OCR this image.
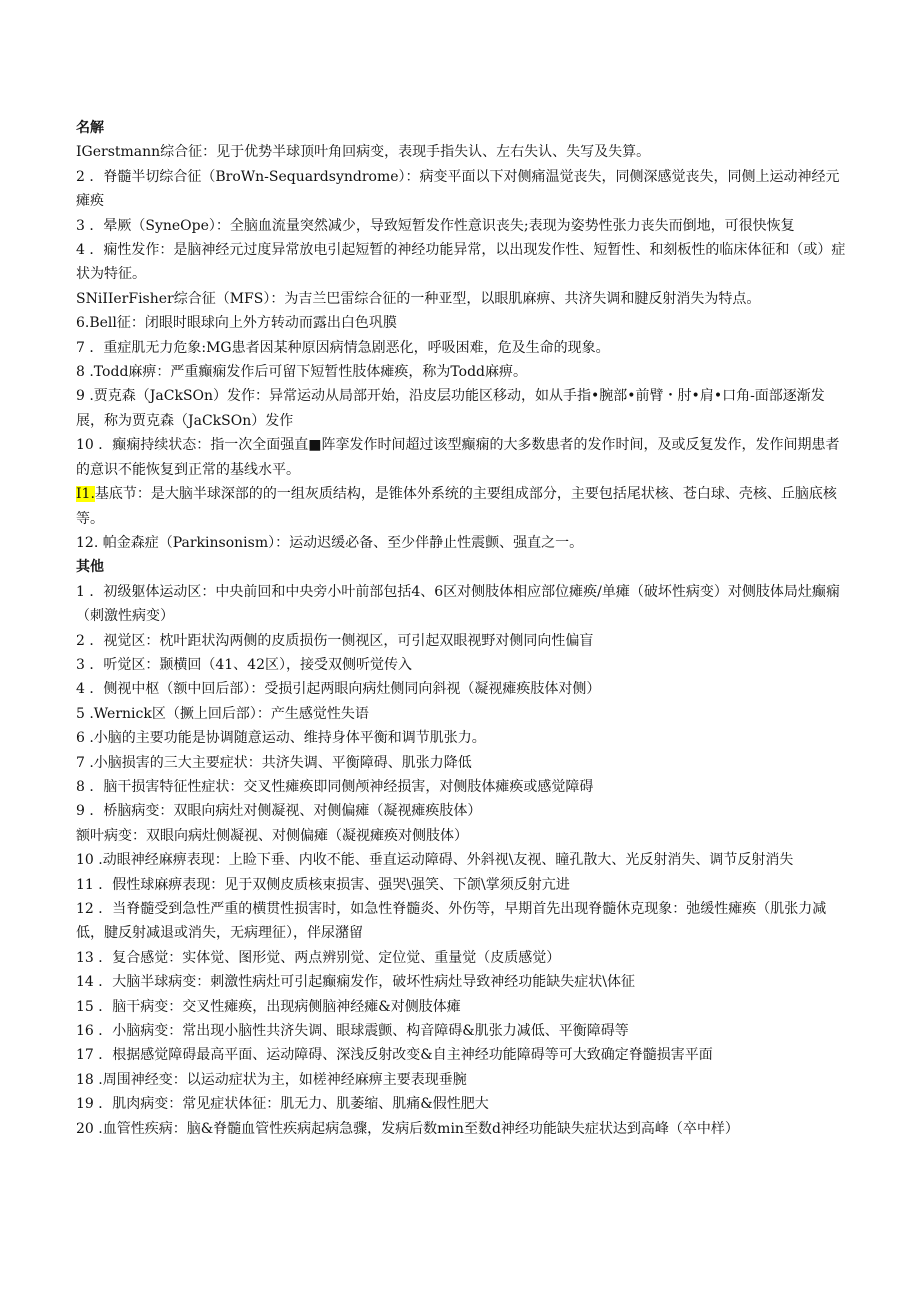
名解

IGerstmann综合征：见于优势半球顶叶角回病变，表现手指失认、左右失认、失写及失算。

2 ．脊髓半切综合征（BroWn-Sequardsyndrome）：病变平面以下对侧痛温觉丧失，同侧深感觉丧失，同侧上运动神经元瘫痪

3 ．晕厥（SyneOpe）：全脑血流量突然减少，导致短暂发作性意识丧失;表现为姿势性张力丧失而倒地，可很快恢复

4 ．痫性发作：是脑神经元过度异常放电引起短暂的神经功能异常，以出现发作性、短暂性、和刻板性的临床体征和（或）症状为特征。

SNiIIerFisher综合征（MFS）：为吉兰巴雷综合征的一种亚型，以眼肌麻痹、共济失调和腱反射消失为特点。

6.Bell征：闭眼时眼球向上外方转动而露出白色巩膜

7 ．重症肌无力危象:MG患者因某种原因病情急剧恶化，呼吸困难，危及生命的现象。

8 .Todd麻痹：严重癫痫发作后可留下短暂性肢体瘫痪，称为Todd麻痹。

9 .贾克森（JaCkSOn）发作：异常运动从局部开始，沿皮层功能区移动，如从手指•腕部•前臂・肘•肩•口角-面部逐渐发展，称为贾克森（JaCkSOn）发作

10 ．癫痫持续状态：指一次全面强直■阵挛发作时间超过该型癫痫的大多数患者的发作时间，及或反复发作，发作间期患者的意识不能恢复到正常的基线水平。

I1.基底节：是大脑半球深部的的一组灰质结构，是锥体外系统的主要组成部分，主要包括尾状核、苍白球、壳核、丘脑底核等。

12. 帕金森症（Parkinsonism）：运动迟缓必备、至少伴静止性震颤、强直之一。

其他

1 ．初级躯体运动区：中央前回和中央旁小叶前部包括4、6区对侧肢体相应部位瘫痪/单瘫（破坏性病变）对侧肢体局灶癫痫（刺激性病变）

2 ．视觉区：枕叶距状沟两侧的皮质损伤一侧视区，可引起双眼视野对侧同向性偏盲

3 ．听觉区：颞横回（41、42区），接受双侧听觉传入

4 ．侧视中枢（额中回后部）：受损引起两眼向病灶侧同向斜视（凝视瘫痪肢体对侧）

5 .Wernick区（撅上回后部）：产生感觉性失语

6 .小脑的主要功能是协调随意运动、维持身体平衡和调节肌张力。

7 .小脑损害的三大主要症状：共济失调、平衡障碍、肌张力降低

8 ．脑干损害特征性症状：交叉性瘫痪即同侧颅神经损害，对侧肢体瘫痪或感觉障碍

9 ．桥脑病变：双眼向病灶对侧凝视、对侧偏瘫（凝视瘫痪肢体）

额叶病变：双眼向病灶侧凝视、对侧偏瘫（凝视瘫痪对侧肢体）

10 .动眼神经麻痹表现：上睑下垂、内收不能、垂直运动障碍、外斜视\友视、瞳孔散大、光反射消失、调节反射消失

11 ．假性球麻痹表现：见于双侧皮质核束损害、强哭\强笑、下颌\掌须反射亢进

12 ．当脊髓受到急性严重的横贯性损害时，如急性脊髓炎、外伤等，早期首先出现脊髓休克现象：弛缓性瘫痪（肌张力减低，腱反射减退或消失，无病理征），伴尿潴留

13 ．复合感觉：实体觉、图形觉、两点辨别觉、定位觉、重量觉（皮质感觉）

14 ．大脑半球病变：刺激性病灶可引起癫痫发作，破坏性病灶导致神经功能缺失症状\体征

15 ．脑干病变：交叉性瘫痪，出现病侧脑神经瘫&对侧肢体瘫

16 ．小脑病变：常出现小脑性共济失调、眼球震颤、构音障碍&肌张力减低、平衡障碍等

17 ．根据感觉障碍最高平面、运动障碍、深浅反射改变&自主神经功能障碍等可大致确定脊髓损害平面

18 .周围神经变：以运动症状为主，如槎神经麻痹主要表现垂腕

19 ．肌肉病变：常见症状体征：肌无力、肌萎缩、肌痛&假性肥大

20 .血管性疾病：脑&脊髓血管性疾病起病急骤，发病后数min至数d神经功能缺失症状达到高峰（卒中样）
